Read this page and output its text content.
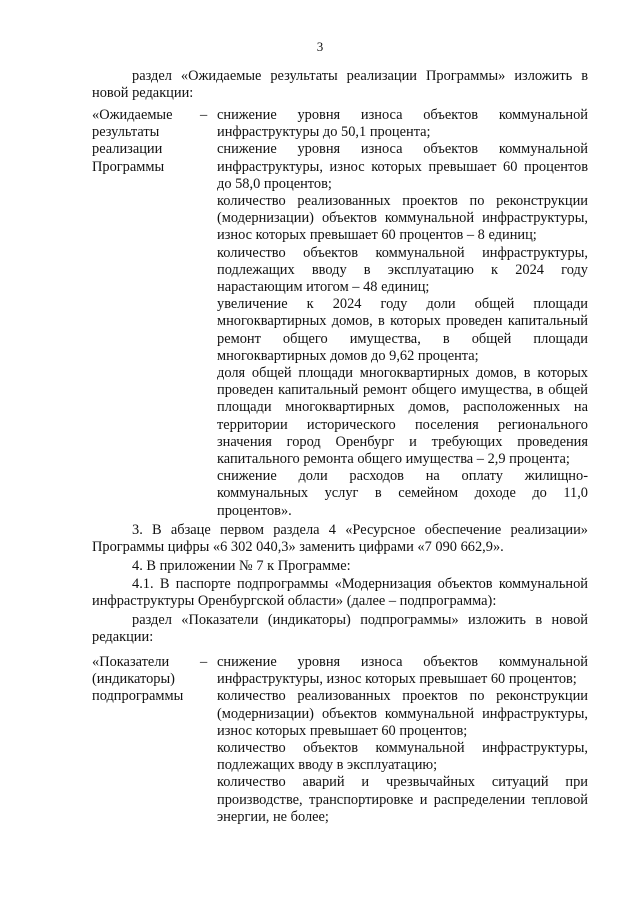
3
раздел «Ожидаемые результаты реализации Программы» изложить в новой редакции:
«Ожидаемые результаты реализации Программы
– снижение уровня износа объектов коммунальной инфраструктуры до 50,1 процента;

снижение уровня износа объектов коммунальной инфраструктуры, износ которых превышает 60 процентов до 58,0 процентов;

количество реализованных проектов по реконструкции (модернизации) объектов коммунальной инфраструктуры, износ которых превышает 60 процентов – 8 единиц;

количество объектов коммунальной инфраструктуры, подлежащих вводу в эксплуатацию к 2024 году нарастающим итогом – 48 единиц;

увеличение к 2024 году доли общей площади многоквартирных домов, в которых проведен капитальный ремонт общего имущества, в общей площади многоквартирных домов до 9,62 процента;

доля общей площади многоквартирных домов, в которых проведен капитальный ремонт общего имущества, в общей площади многоквартирных домов, расположенных на территории исторического поселения регионального значения город Оренбург и требующих проведения капитального ремонта общего имущества – 2,9 процента;

снижение доли расходов на оплату жилищно-коммунальных услуг в семейном доходе до 11,0 процентов».

3. В абзаце первом раздела 4 «Ресурсное обеспечение реализации» Программы цифры «6 302 040,3» заменить цифрами «7 090 662,9».
4. В приложении № 7 к Программе:
4.1. В паспорте подпрограммы «Модернизация объектов коммунальной инфраструктуры Оренбургской области» (далее – подпрограмма):
раздел «Показатели (индикаторы) подпрограммы» изложить в новой редакции:
«Показатели (индикаторы) подпрограммы
– снижение уровня износа объектов коммунальной инфраструктуры, износ которых превышает 60 процентов;

количество реализованных проектов по реконструкции (модернизации) объектов коммунальной инфраструктуры, износ которых превышает 60 процентов;

количество объектов коммунальной инфраструктуры, подлежащих вводу в эксплуатацию;

количество аварий и чрезвычайных ситуаций при производстве, транспортировке и распределении тепловой энергии, не более;
